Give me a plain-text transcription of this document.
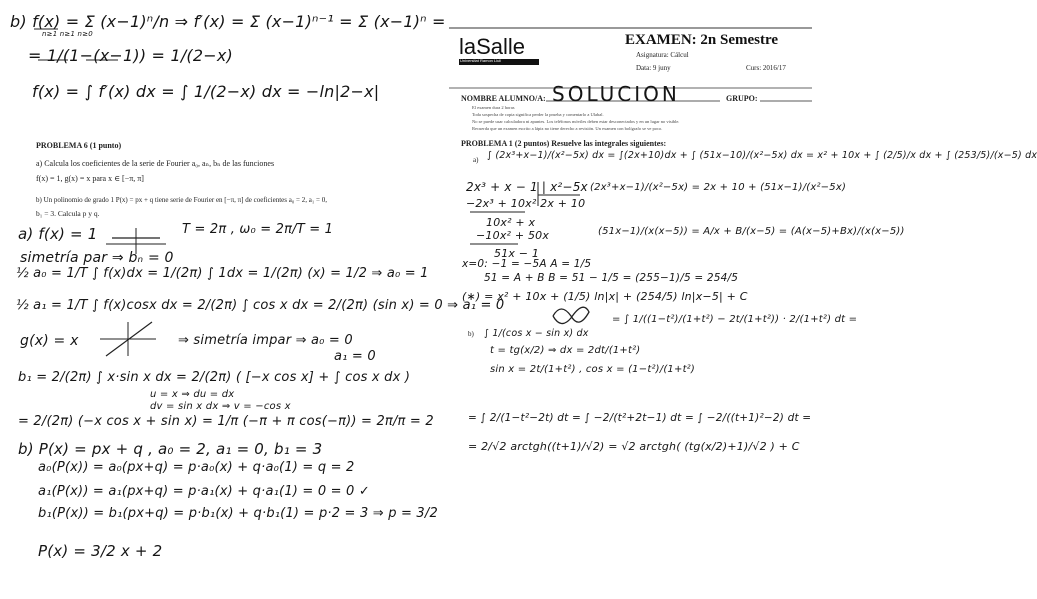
b) f(x) = Σ (x−1)ⁿ/n ⇒ f′(x) = Σ (x−1)ⁿ⁻¹ = Σ (x−1)ⁿ =
n≥1 n≥1 n≥0
= 1/(1−(x−1)) = 1/(2−x)
f(x) = ∫ f′(x) dx = ∫ 1/(2−x) dx = −ln|2−x|
PROBLEMA 6 (1 punto)
a) Calcula los coeficientes de la serie de Fourier a₀, aₙ, bₙ de las funciones
f(x) = 1, g(x) = x para x ∈ [−π, π]
b) Un polinomio de grado 1 P(x) = px + q tiene serie de Fourier en [−π, π] de coeficientes a₀ = 2, a₁ = 0,
b₁ = 3. Calcula p y q.
a) f(x) = 1	T = 2π , ω₀ = 2π/T = 1
simetría par ⇒ bₙ = 0
½ a₀ = 1/T ∫ f(x)dx = 1/(2π) ∫ 1dx = 1/(2π) (x) = 1/2 ⇒ a₀ = 1
½ a₁ = 1/T ∫ f(x)cosx dx = 2/(2π) ∫ cos x dx = 2/(2π) (sin x) = 0 ⇒ a₁ = 0
g(x) = x	⇒ simetría impar ⇒ a₀ = 0
a₁ = 0
b₁ = 2/(2π) ∫ x·sin x dx = 2/(2π) ( [−x cos x] + ∫ cos x dx )
u = x ⇒ du = dx
dv = sin x dx ⇒ v = −cos x
= 2/(2π) (−x cos x + sin x) = 1/π (−π + π cos(−π)) = 2π/π = 2
b) P(x) = px + q , a₀ = 2, a₁ = 0, b₁ = 3
a₀(P(x)) = a₀(px+q) = p·a₀(x) + q·a₀(1) = q = 2
a₁(P(x)) = a₁(px+q) = p·a₁(x) + q·a₁(1) = 0 = 0 ✓
b₁(P(x)) = b₁(px+q) = p·b₁(x) + q·b₁(1) = p·2 = 3 ⇒ p = 3/2
P(x) = 3/2 x + 2
laSalle
Universitat Ramon Llull
EXAMEN: 2n Semestre
Asignatura: Cálcul
Data: 9 juny	Curs: 2016/17
NOMBRE ALUMNO/A: SOLUCION	GRUPO:
El examen dura 2 horas
Toda sospecha de copia significa perder la prueba y comentarlo a Ulabal.
No se puede usar calculadora ni apuntes. Los teléfonos móviles deben estar desconectados y en un lugar no visible.
Recuerda que un examen escrito a lápiz no tiene derecho a revisión. Un examen con bolígrafo se ve poco.
PROBLEMA 1 (2 puntos) Resuelve las integrales siguientes:
a) ∫ (2x³+x−1)/(x²−5x) dx = ∫(2x+10)dx + ∫ (51x−10)/(x²−5x) dx = x² + 10x + ∫ (2/5)/x dx + ∫ (253/5)/(x−5) dx
2x³ + x − 1 | x²−5x
−2x³ + 10x² 2x + 10
10x² + x
−10x² + 50x
51x − 1
(2x³+x−1)/(x²−5x) = 2x + 10 + (51x−1)/(x²−5x)
(51x−1)/(x(x−5)) = A/x + B/(x−5) = (A(x−5)+Bx)/(x(x−5))
x=0: −1 = −5A A = 1/5
51 = A + B B = 51 − 1/5 = (255−1)/5 = 254/5
(∗) = x² + 10x + (1/5) ln|x| + (254/5) ln|x−5| + C
b) ∫ 1/(cos x − sin x) dx
t = tg(x/2) ⇒ dx = 2dt/(1+t²)
sin x = 2t/(1+t²) , cos x = (1−t²)/(1+t²)
= ∫ 1/((1−t²)/(1+t²) − 2t/(1+t²)) · 2/(1+t²) dt =
= ∫ 2/(1−t²−2t) dt = ∫ −2/(t²+2t−1) dt = ∫ −2/((t+1)²−2) dt =
= 2/√2 arctgh((t+1)/√2) = √2 arctgh( (tg(x/2)+1)/√2 ) + C
